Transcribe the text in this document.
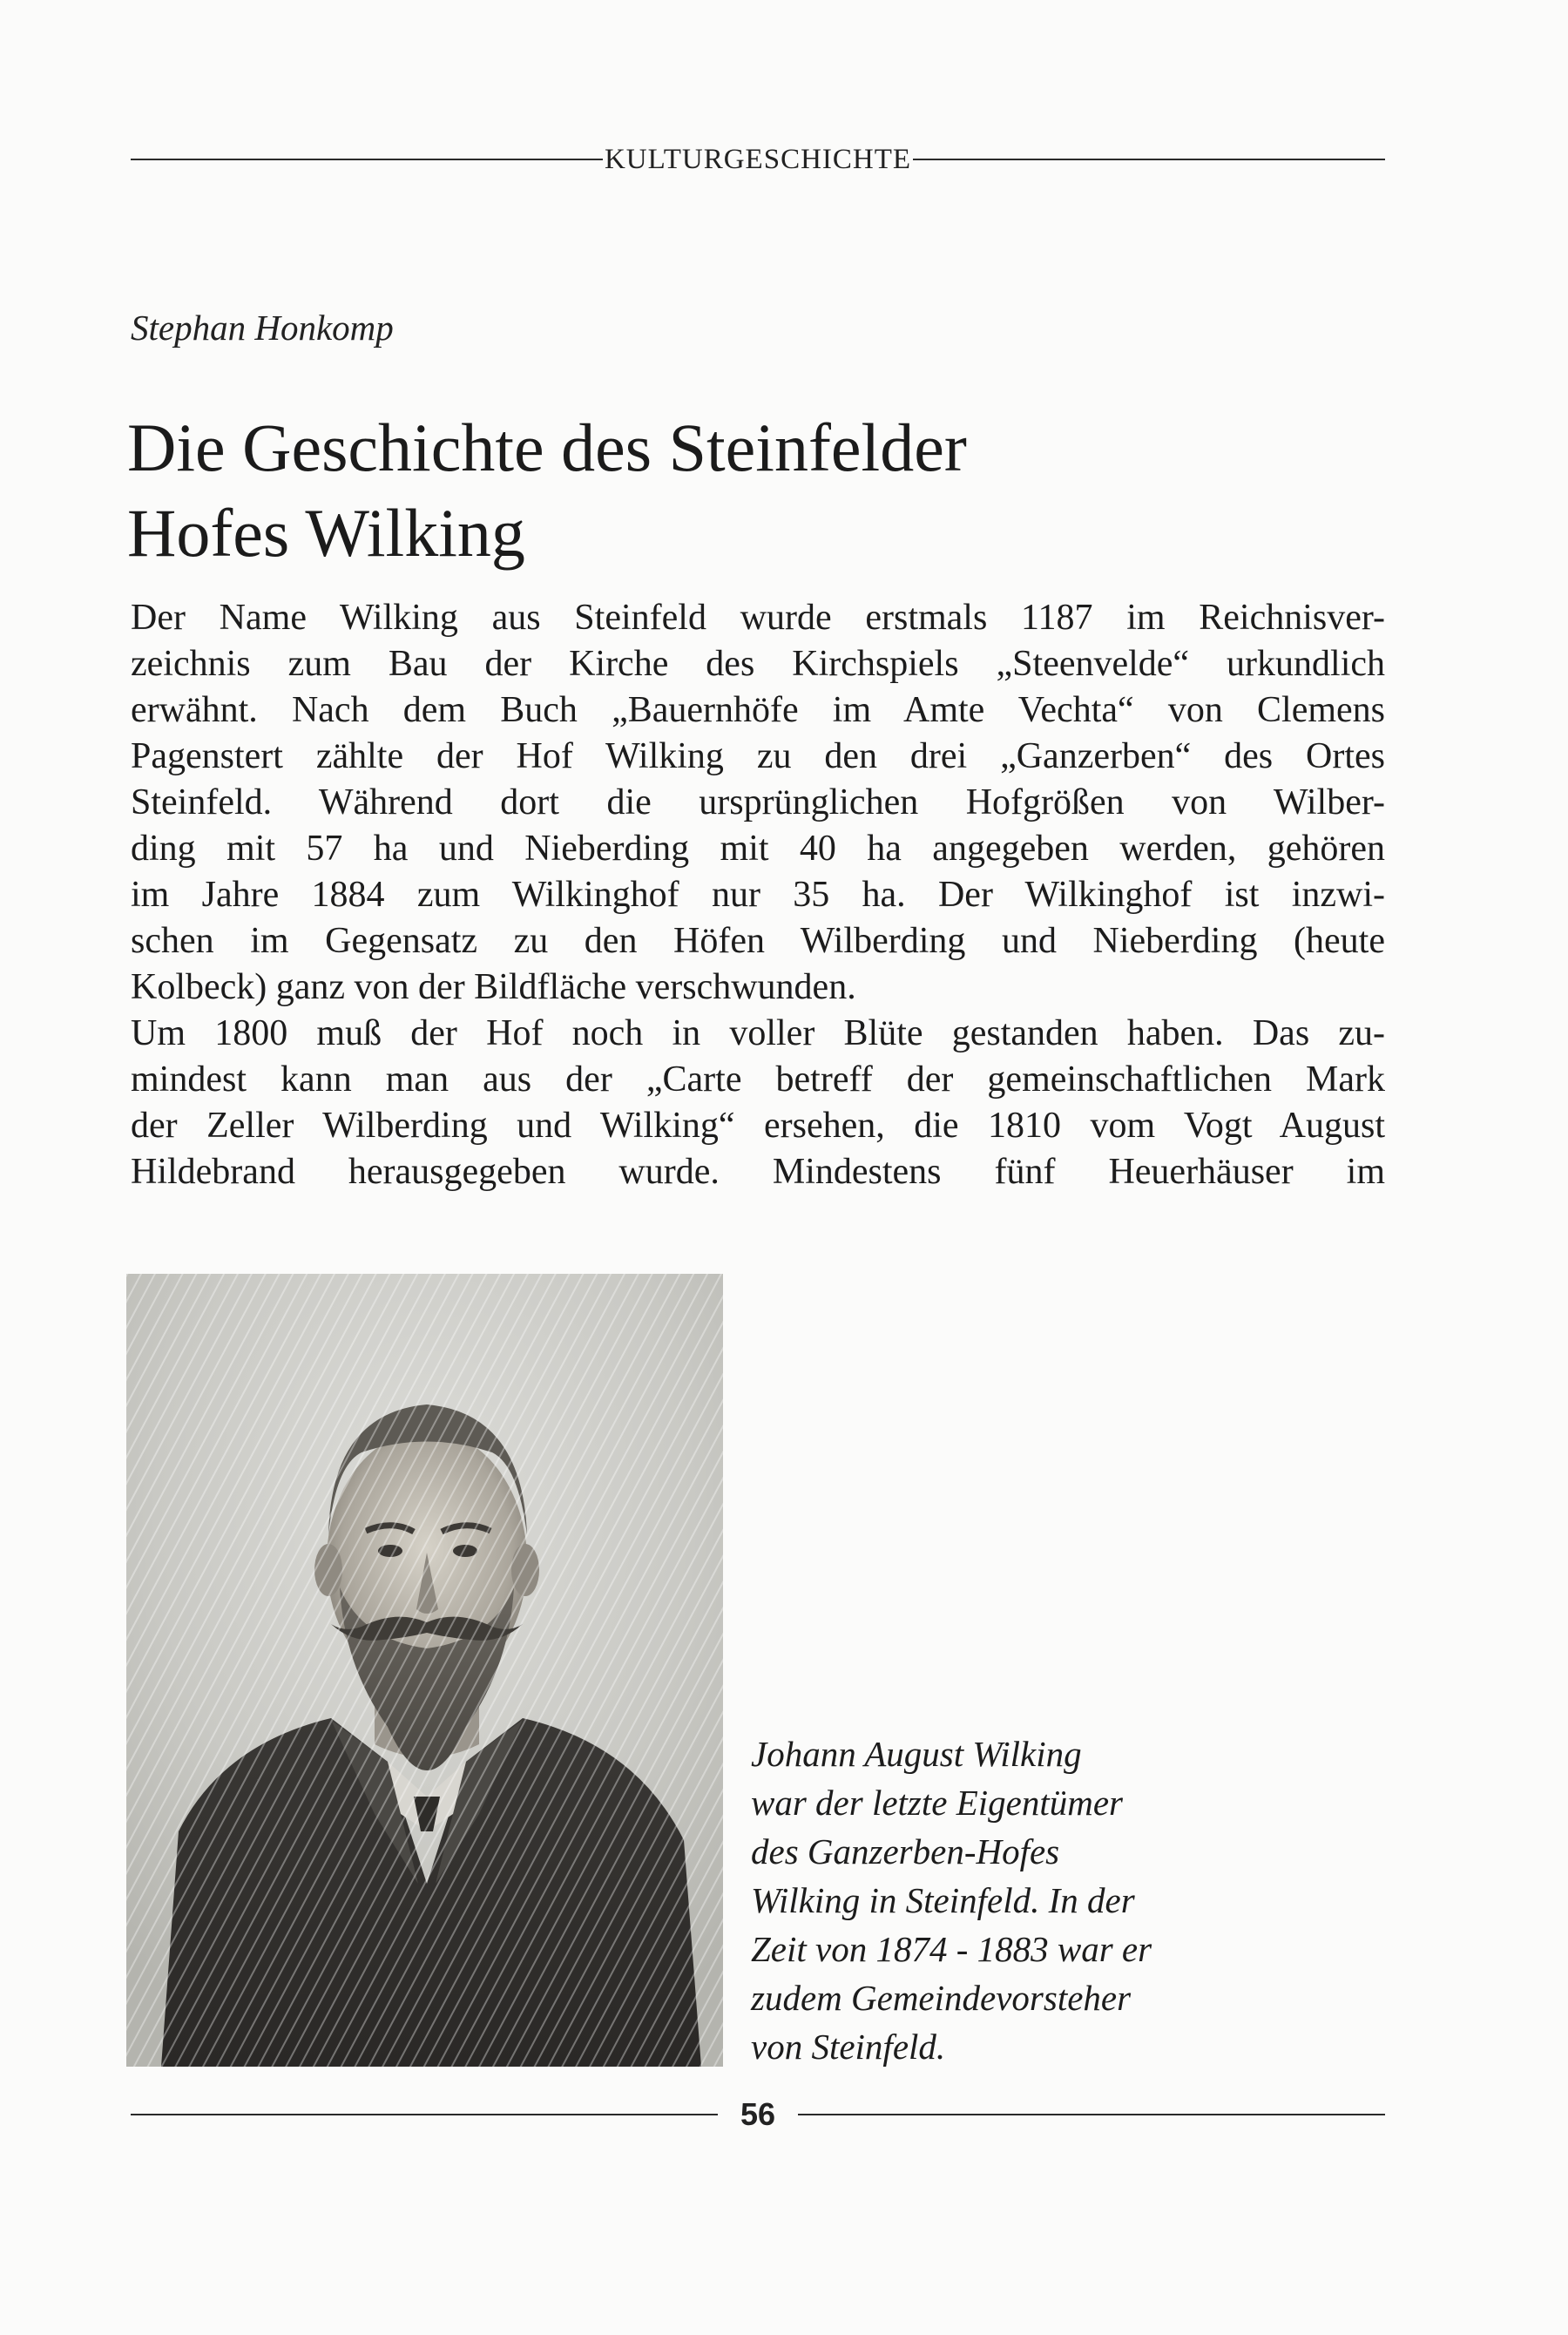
KULTURGESCHICHTE
Stephan Honkomp
Die Geschichte des Steinfelder
Hofes Wilking
Der Name Wilking aus Steinfeld wurde erstmals 1187 im Reichnisver-
zeichnis zum Bau der Kirche des Kirchspiels „Steenvelde“ urkundlich
erwähnt. Nach dem Buch „Bauernhöfe im Amte Vechta“ von Clemens
Pagenstert zählte der Hof Wilking zu den drei „Ganzerben“ des Ortes
Steinfeld. Während dort die ursprünglichen Hofgrößen von Wilber-
ding mit 57 ha und Nieberding mit 40 ha angegeben werden, gehören
im Jahre 1884 zum Wilkinghof nur 35 ha. Der Wilkinghof ist inzwi-
schen im Gegensatz zu den Höfen Wilberding und Nieberding (heute
Kolbeck) ganz von der Bildfläche verschwunden.
Um 1800 muß der Hof noch in voller Blüte gestanden haben. Das zu-
mindest kann man aus der „Carte betreff der gemeinschaftlichen Mark
der Zeller Wilberding und Wilking“ ersehen, die 1810 vom Vogt August
Hildebrand herausgegeben wurde. Mindestens fünf Heuerhäuser im
Johann August Wilking
war der letzte Eigentümer
des Ganzerben-Hofes
Wilking in Steinfeld. In der
Zeit von 1874 - 1883 war er
zudem Gemeindevorsteher
von Steinfeld.
56
